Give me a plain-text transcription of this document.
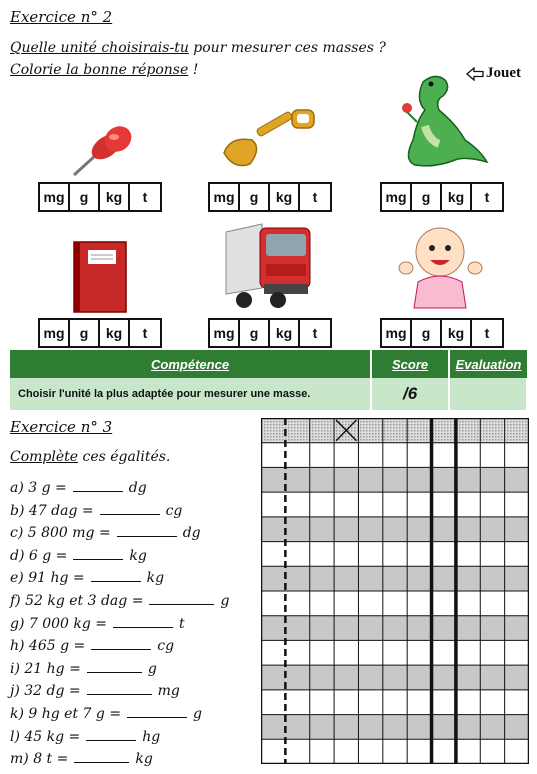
Exercice n° 2
Quelle unité choisirais-tu pour mesurer ces masses ?
Colorie la bonne réponse !	Jouet
mg	g	kg	t	mg	g	kg	t	mg	g	kg	t
mg	g	kg	t	mg	g	kg	t	mg	g	kg	t
Compétence	Score	Evaluation
Choisir l'unité la plus adaptée pour mesurer une masse.	/6	
Exercice n° 3
Complète ces égalités.
a) 3 g =	dg
b) 47 dag =	cg
c) 5 800 mg =	dg
d) 6 g =	kg
e) 91 hg =	kg
f) 52 kg et 3 dag =	g
g) 7 000 kg =	t
h) 465 g =	cg
i) 21 hg =	g
j) 32 dg =	mg
k) 9 hg et 7 g =	g
l) 45 kg =	hg
m) 8 t =	kg
